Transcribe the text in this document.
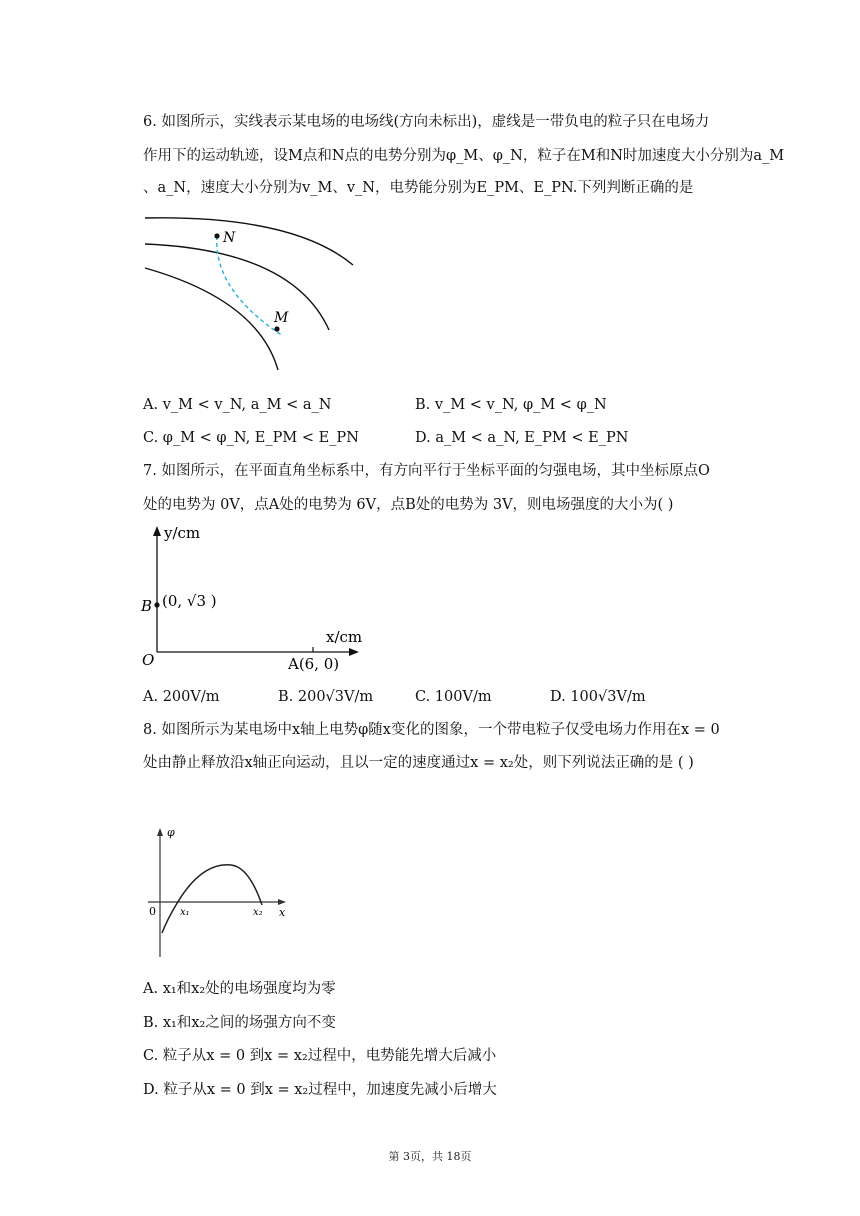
6. 如图所示，实线表示某电场的电场线(方向未标出)，虚线是一带负电的粒子只在电场力
作用下的运动轨迹，设M点和N点的电势分别为φ_M、φ_N，粒子在M和N时加速度大小分别为a_M
、a_N，速度大小分别为v_M、v_N，电势能分别为E_PM、E_PN.下列判断正确的是
N
M
A. v_M < v_N, a_M < a_N	B. v_M < v_N, φ_M < φ_N
C. φ_M < φ_N, E_PM < E_PN	D. a_M < a_N, E_PM < E_PN
7. 如图所示，在平面直角坐标系中，有方向平行于坐标平面的匀强电场，其中坐标原点O
处的电势为 0V，点A处的电势为 6V，点B处的电势为 3V，则电场强度的大小为( )
y/cm
x/cm
O
B (0, √3 )
A(6, 0)
A. 200V/m	B. 200√3V/m	C. 100V/m	D. 100√3V/m
8. 如图所示为某电场中x轴上电势φ随x变化的图象，一个带电粒子仅受电场力作用在x = 0
处由静止释放沿x轴正向运动，且以一定的速度通过x = x₂处，则下列说法正确的是 ( )
φ
x
0 x₁	x₂
A. x₁和x₂处的电场强度均为零
B. x₁和x₂之间的场强方向不变
C. 粒子从x = 0 到x = x₂过程中，电势能先增大后减小
D. 粒子从x = 0 到x = x₂过程中，加速度先减小后增大
第 3页，共 18页
